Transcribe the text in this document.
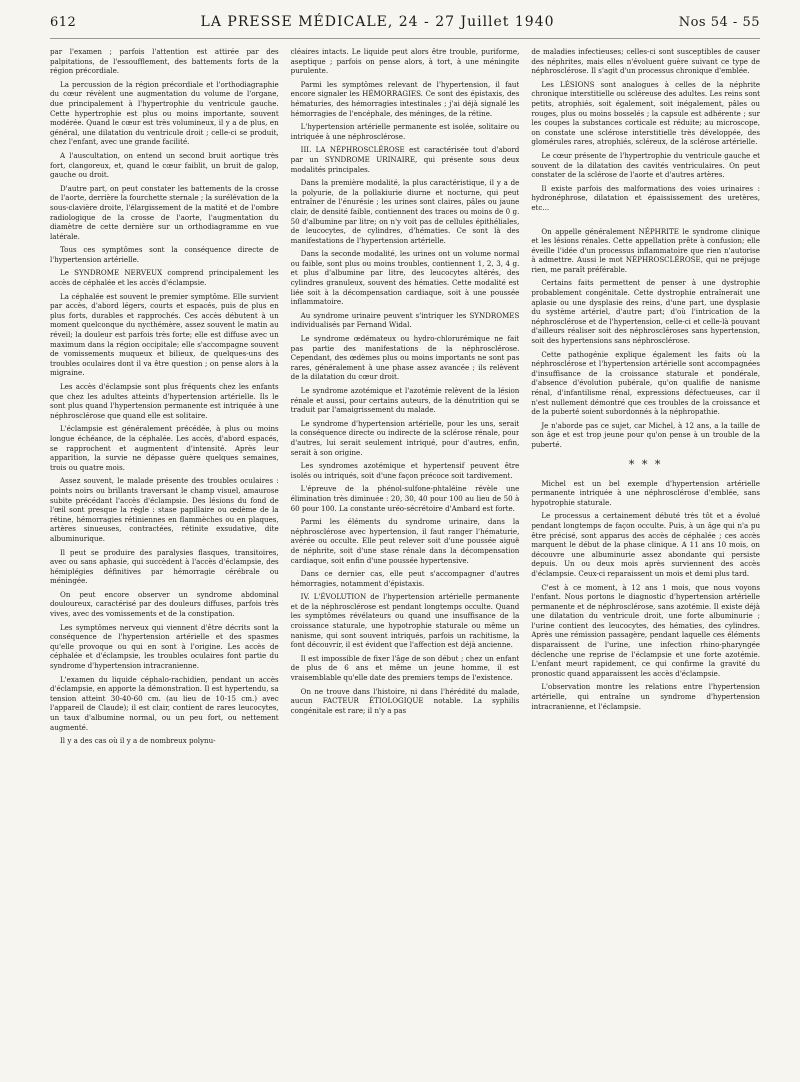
612	LA PRESSE MÉDICALE, 24 - 27 Juillet 1940	Nos 54 - 55

par l'examen ; parfois l'attention est attirée par des palpitations, de l'essoufflement, des battements forts de la région précordiale.

La percussion de la région précordiale et l'orthodiagraphie du cœur révèlent une augmentation du volume de l'organe, due principalement à l'hypertrophie du ventricule gauche. Cette hypertrophie est plus ou moins importante, souvent modérée. Quand le cœur est très volumineux, il y a de plus, en général, une dilatation du ventricule droit ; celle-ci se produit, chez l'enfant, avec une grande facilité.

A l'auscultation, on entend un second bruit aortique très fort, clangoreux, et, quand le cœur faiblit, un bruit de galop, gauche ou droit.

D'autre part, on peut constater les battements de la crosse de l'aorte, derrière la fourchette sternale ; la surélévation de la sous-clavière droite, l'élargissement de la matité et de l'ombre radiologique de la crosse de l'aorte, l'augmentation du diamètre de cette dernière sur un orthodiagramme en vue latérale.

Tous ces symptômes sont la conséquence directe de l'hypertension artérielle.

Le SYNDROME NERVEUX comprend principalement les accès de céphalée et les accès d'éclampsie.

La céphalée est souvent le premier symptôme. Elle survient par accès, d'abord légers, courts et espacés, puis de plus en plus forts, durables et rapprochés. Ces accès débutent à un moment quelconque du nycthémère, assez souvent le matin au réveil; la douleur est parfois très forte; elle est diffuse avec un maximum dans la région occipitale; elle s'accompagne souvent de vomissements muqueux et bilieux, de quelques-uns des troubles oculaires dont il va être question ; on pense alors à la migraine.

Les accès d'éclampsie sont plus fréquents chez les enfants que chez les adultes atteints d'hypertension artérielle. Ils le sont plus quand l'hypertension permanente est intriquée à une néphrosclérose que quand elle est solitaire.

L'éclampsie est généralement précédée, à plus ou moins longue échéance, de la céphalée. Les accès, d'abord espacés, se rapprochent et augmentent d'intensité. Après leur apparition, la survie ne dépasse guère quelques semaines, trois ou quatre mois.

Assez souvent, le malade présente des troubles oculaires : points noirs ou brillants traversant le champ visuel, amaurose subite précédant l'accès d'éclampsie. Des lésions du fond de l'œil sont presque la règle : stase papillaire ou œdème de la rétine, hémorragies rétiniennes en flammèches ou en plaques, artères sinueuses, contractées, rétinite exsudative, dite albuminurique.

Il peut se produire des paralysies flasques, transitoires, avec ou sans aphasie, qui succèdent à l'accès d'éclampsie, des hémiplégies définitives par hémorragie cérébrale ou méningée.

On peut encore observer un syndrome abdominal douloureux, caractérisé par des douleurs diffuses, parfois très vives, avec des vomissements et de la constipation.

Les symptômes nerveux qui viennent d'être décrits sont la conséquence de l'hypertension artérielle et des spasmes qu'elle provoque ou qui en sont à l'origine. Les accès de céphalée et d'éclampsie, les troubles oculaires font partie du syndrome d'hypertension intracranienne.

L'examen du liquide céphalo-rachidien, pendant un accès d'éclampsie, en apporte la démonstration. Il est hypertendu, sa tension atteint 30-40-60 cm. (au lieu de 10-15 cm.) avec l'appareil de Claude); il est clair, contient de rares leucocytes, un taux d'albumine normal, ou un peu fort, ou nettement augmenté.

Il y a des cas où il y a de nombreux polynu-

cléaires intacts. Le liquide peut alors être trouble, puriforme, aseptique ; parfois on pense alors, à tort, à une méningite purulente.

Parmi les symptômes relevant de l'hypertension, il faut encore signaler les HÉMORRAGIES. Ce sont des épistaxis, des hématuries, des hémorragies intestinales ; j'ai déjà signalé les hémorragies de l'encéphale, des méninges, de la rétine.

L'hypertension artérielle permanente est isolée, solitaire ou intriquée à une néphrosclérose.

III. LA NÉPHROSCLÉROSE est caractérisée tout d'abord par un SYNDROME URINAIRE, qui présente sous deux modalités principales.

Dans la première modalité, la plus caractéristique, il y a de la polyurie, de la pollakiurie diurne et nocturne, qui peut entraîner de l'énurésie ; les urines sont claires, pâles ou jaune clair, de densité faible, contiennent des traces ou moins de 0 g. 50 d'albumine par litre; on n'y voit pas de cellules épithéliales, de leucocytes, de cylindres, d'hématies. Ce sont là des manifestations de l'hypertension artérielle.

Dans la seconde modalité, les urines ont un volume normal ou faible, sont plus ou moins troubles, contiennent 1, 2, 3, 4 g. et plus d'albumine par litre, des leucocytes altérés, des cylindres granuleux, souvent des hématies. Cette modalité est liée soit à la décompensation cardiaque, soit à une poussée inflammatoire.

Au syndrome urinaire peuvent s'intriquer les SYNDROMES individualisés par Fernand Widal.

Le syndrome œdémateux ou hydro-chlorurémique ne fait pas partie des manifestations de la néphrosclérose. Cependant, des œdèmes plus ou moins importants ne sont pas rares, généralement à une phase assez avancée ; ils relèvent de la dilatation du cœur droit.

Le syndrome azotémique et l'azotémie relèvent de la lésion rénale et aussi, pour certains auteurs, de la dénutrition qui se traduit par l'amaigrissement du malade.

Le syndrome d'hypertension artérielle, pour les uns, serait la conséquence directe ou indirecte de la sclérose rénale, pour d'autres, lui serait seulement intriqué, pour d'autres, enfin, serait à son origine.

Les syndromes azotémique et hypertensif peuvent être isolés ou intriqués, soit d'une façon précoce soit tardivement.

L'épreuve de la phénol-sulfone-phtaléine révèle une élimination très diminuée : 20, 30, 40 pour 100 au lieu de 50 à 60 pour 100. La constante uréo-sécrétoire d'Ambard est forte.

Parmi les éléments du syndrome urinaire, dans la néphrosclérose avec hypertension, il faut ranger l'hématurie, avérée ou occulte. Elle peut relever soit d'une poussée aiguë de néphrite, soit d'une stase rénale dans la décompensation cardiaque, soit enfin d'une poussée hypertensive.

Dans ce dernier cas, elle peut s'accompagner d'autres hémorragies, notamment d'épistaxis.

IV. L'ÉVOLUTION de l'hypertension artérielle permanente et de la néphrosclérose est pendant longtemps occulte. Quand les symptômes révélateurs ou quand une insuffisance de la croissance staturale, une hypotrophie staturale ou même un nanisme, qui sont souvent intriqués, parfois un rachitisme, la font découvrir, il est évident que l'affection est déjà ancienne.

Il est impossible de fixer l'âge de son début ; chez un enfant de plus de 6 ans et même un jeune homme, il est vraisemblable qu'elle date des premiers temps de l'existence.

On ne trouve dans l'histoire, ni dans l'hérédité du malade, aucun FACTEUR ÉTIOLOGIQUE notable. La syphilis congénitale est rare; il n'y a pas

de maladies infectieuses; celles-ci sont susceptibles de causer des néphrites, mais elles n'évoluent guère suivant ce type de néphrosclérose. Il s'agit d'un processus chronique d'emblée.

Les LÉSIONS sont analogues à celles de la néphrite chronique interstitielle ou scléreuse des adultes. Les reins sont petits, atrophiés, soit également, soit inégalement, pâles ou rouges, plus ou moins bosselés ; la capsule est adhérente ; sur les coupes la substances corticale est réduite; au microscope, on constate une sclérose interstitielle très développée, des glomérules rares, atrophiés, scléreux, de la sclérose artérielle.

Le cœur présente de l'hypertrophie du ventricule gauche et souvent de la dilatation des cavités ventriculaires. On peut constater de la sclérose de l'aorte et d'autres artères.

Il existe parfois des malformations des voies urinaires : hydronéphrose, dilatation et épaississement des uretères, etc...

On appelle généralement NÉPHRITE le syndrome clinique et les lésions rénales. Cette appellation prête à confusion; elle éveille l'idée d'un processus inflammatoire que rien n'autorise à admettre. Aussi le mot NÉPHROSCLÉROSE, qui ne préjuge rien, me paraît préférable.

Certains faits permettent de penser à une dystrophie probablement congénitale. Cette dystrophie entraînerait une aplasie ou une dysplasie des reins, d'une part, une dysplasie du système artériel, d'autre part; d'où l'intrication de la néphrosclérose et de l'hypertension, celle-ci et celle-là pouvant d'ailleurs réaliser soit des néphroscléroses sans hypertension, soit des hypertensions sans néphrosclérose.

Cette pathogénie explique également les faits où la néphrosclérose et l'hypertension artérielle sont accompagnées d'insuffisance de la croissance staturale et pondérale, d'absence d'évolution pubérale, qu'on qualifie de nanisme rénal, d'infantilisme rénal, expressions défectueuses, car il n'est nullement démontré que ces troubles de la croissance et de la puberté soient subordonnés à la néphropathie.

Je n'aborde pas ce sujet, car Michel, à 12 ans, a la taille de son âge et est trop jeune pour qu'on pense à un trouble de la puberté.

* * *

Michel est un bel exemple d'hypertension artérielle permanente intriquée à une néphrosclérose d'emblée, sans hypotrophie staturale.

Le processus a certainement débuté très tôt et a évolué pendant longtemps de façon occulte. Puis, à un âge qui n'a pu être précisé, sont apparus des accès de céphalée ; ces accès marquent le début de la phase clinique. A 11 ans 10 mois, on découvre une albuminurie assez abondante qui persiste depuis. Un ou deux mois après surviennent des accès d'éclampsie. Ceux-ci reparaissent un mois et demi plus tard.

C'est à ce moment, à 12 ans 1 mois, que nous voyons l'enfant. Nous portons le diagnostic d'hypertension artérielle permanente et de néphrosclérose, sans azotémie. Il existe déjà une dilatation du ventricule droit, une forte albuminurie ; l'urine contient des leucocytes, des hématies, des cylindres. Après une rémission passagère, pendant laquelle ces éléments disparaissent de l'urine, une infection rhino-pharyngée déclenche une reprise de l'éclampsie et une forte azotémie. L'enfant meurt rapidement, ce qui confirme la gravité du pronostic quand apparaissent les accès d'éclampsie.

L'observation montre les relations entre l'hypertension artérielle, qui entraîne un syndrome d'hypertension intracranienne, et l'éclampsie.
